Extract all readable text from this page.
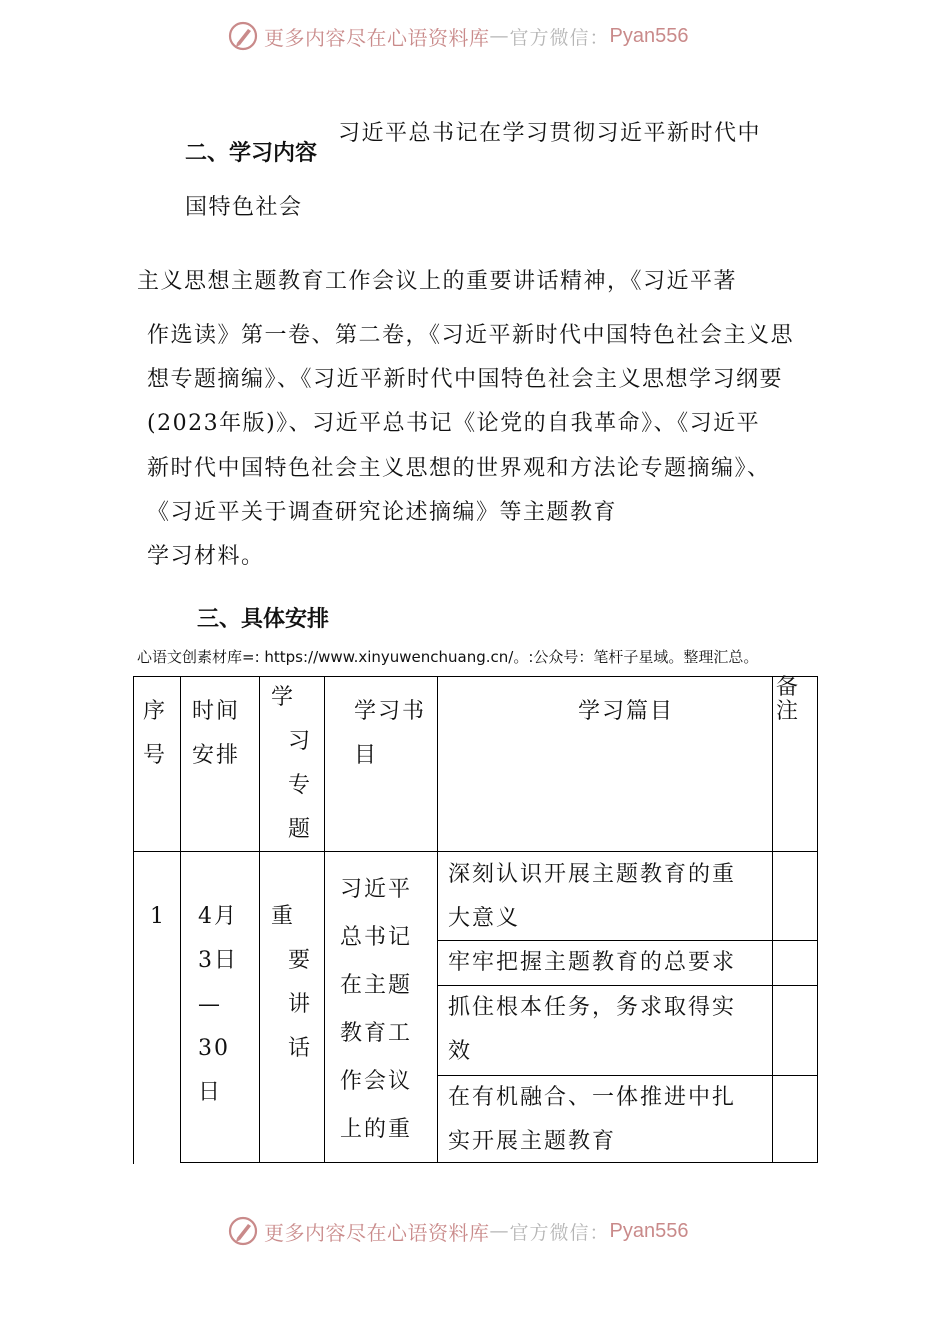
更多内容尽在心语资料库 — 官方微信： Pyan556
二、学习内容
习近平总书记在学习贯彻习近平新时代中
国特色社会
主义思想主题教育工作会议上的重要讲话精神，《习近平著
作选读》第一卷、第二卷，《习近平新时代中国特色社会主义思
想专题摘编》、《习近平新时代中国特色社会主义思想学习纲要
(2023年版)》、习近平总书记《论党的自我革命》、《习近平
新时代中国特色社会主义思想的世界观和方法论专题摘编》、
《习近平关于调查研究论述摘编》等主题教育
学习材料。
三、具体安排
心语文创素材库=: https://www.xinyuwenchuang.cn/。:公众号：笔杆子星域。整理汇总。
序
号
时间
安排
学
习
专
题
学习书
目
学习篇目
备
注
1 4月
3日
—
30
日
重
要
讲
话
习近平
总书记
在主题
教育工
作会议
上的重
深刻认识开展主题教育的重
大意义
牢牢把握主题教育的总要求
抓住根本任务，务求取得实
效
在有机融合、一体推进中扎
实开展主题教育
更多内容尽在心语资料库 — 官方微信： Pyan556
